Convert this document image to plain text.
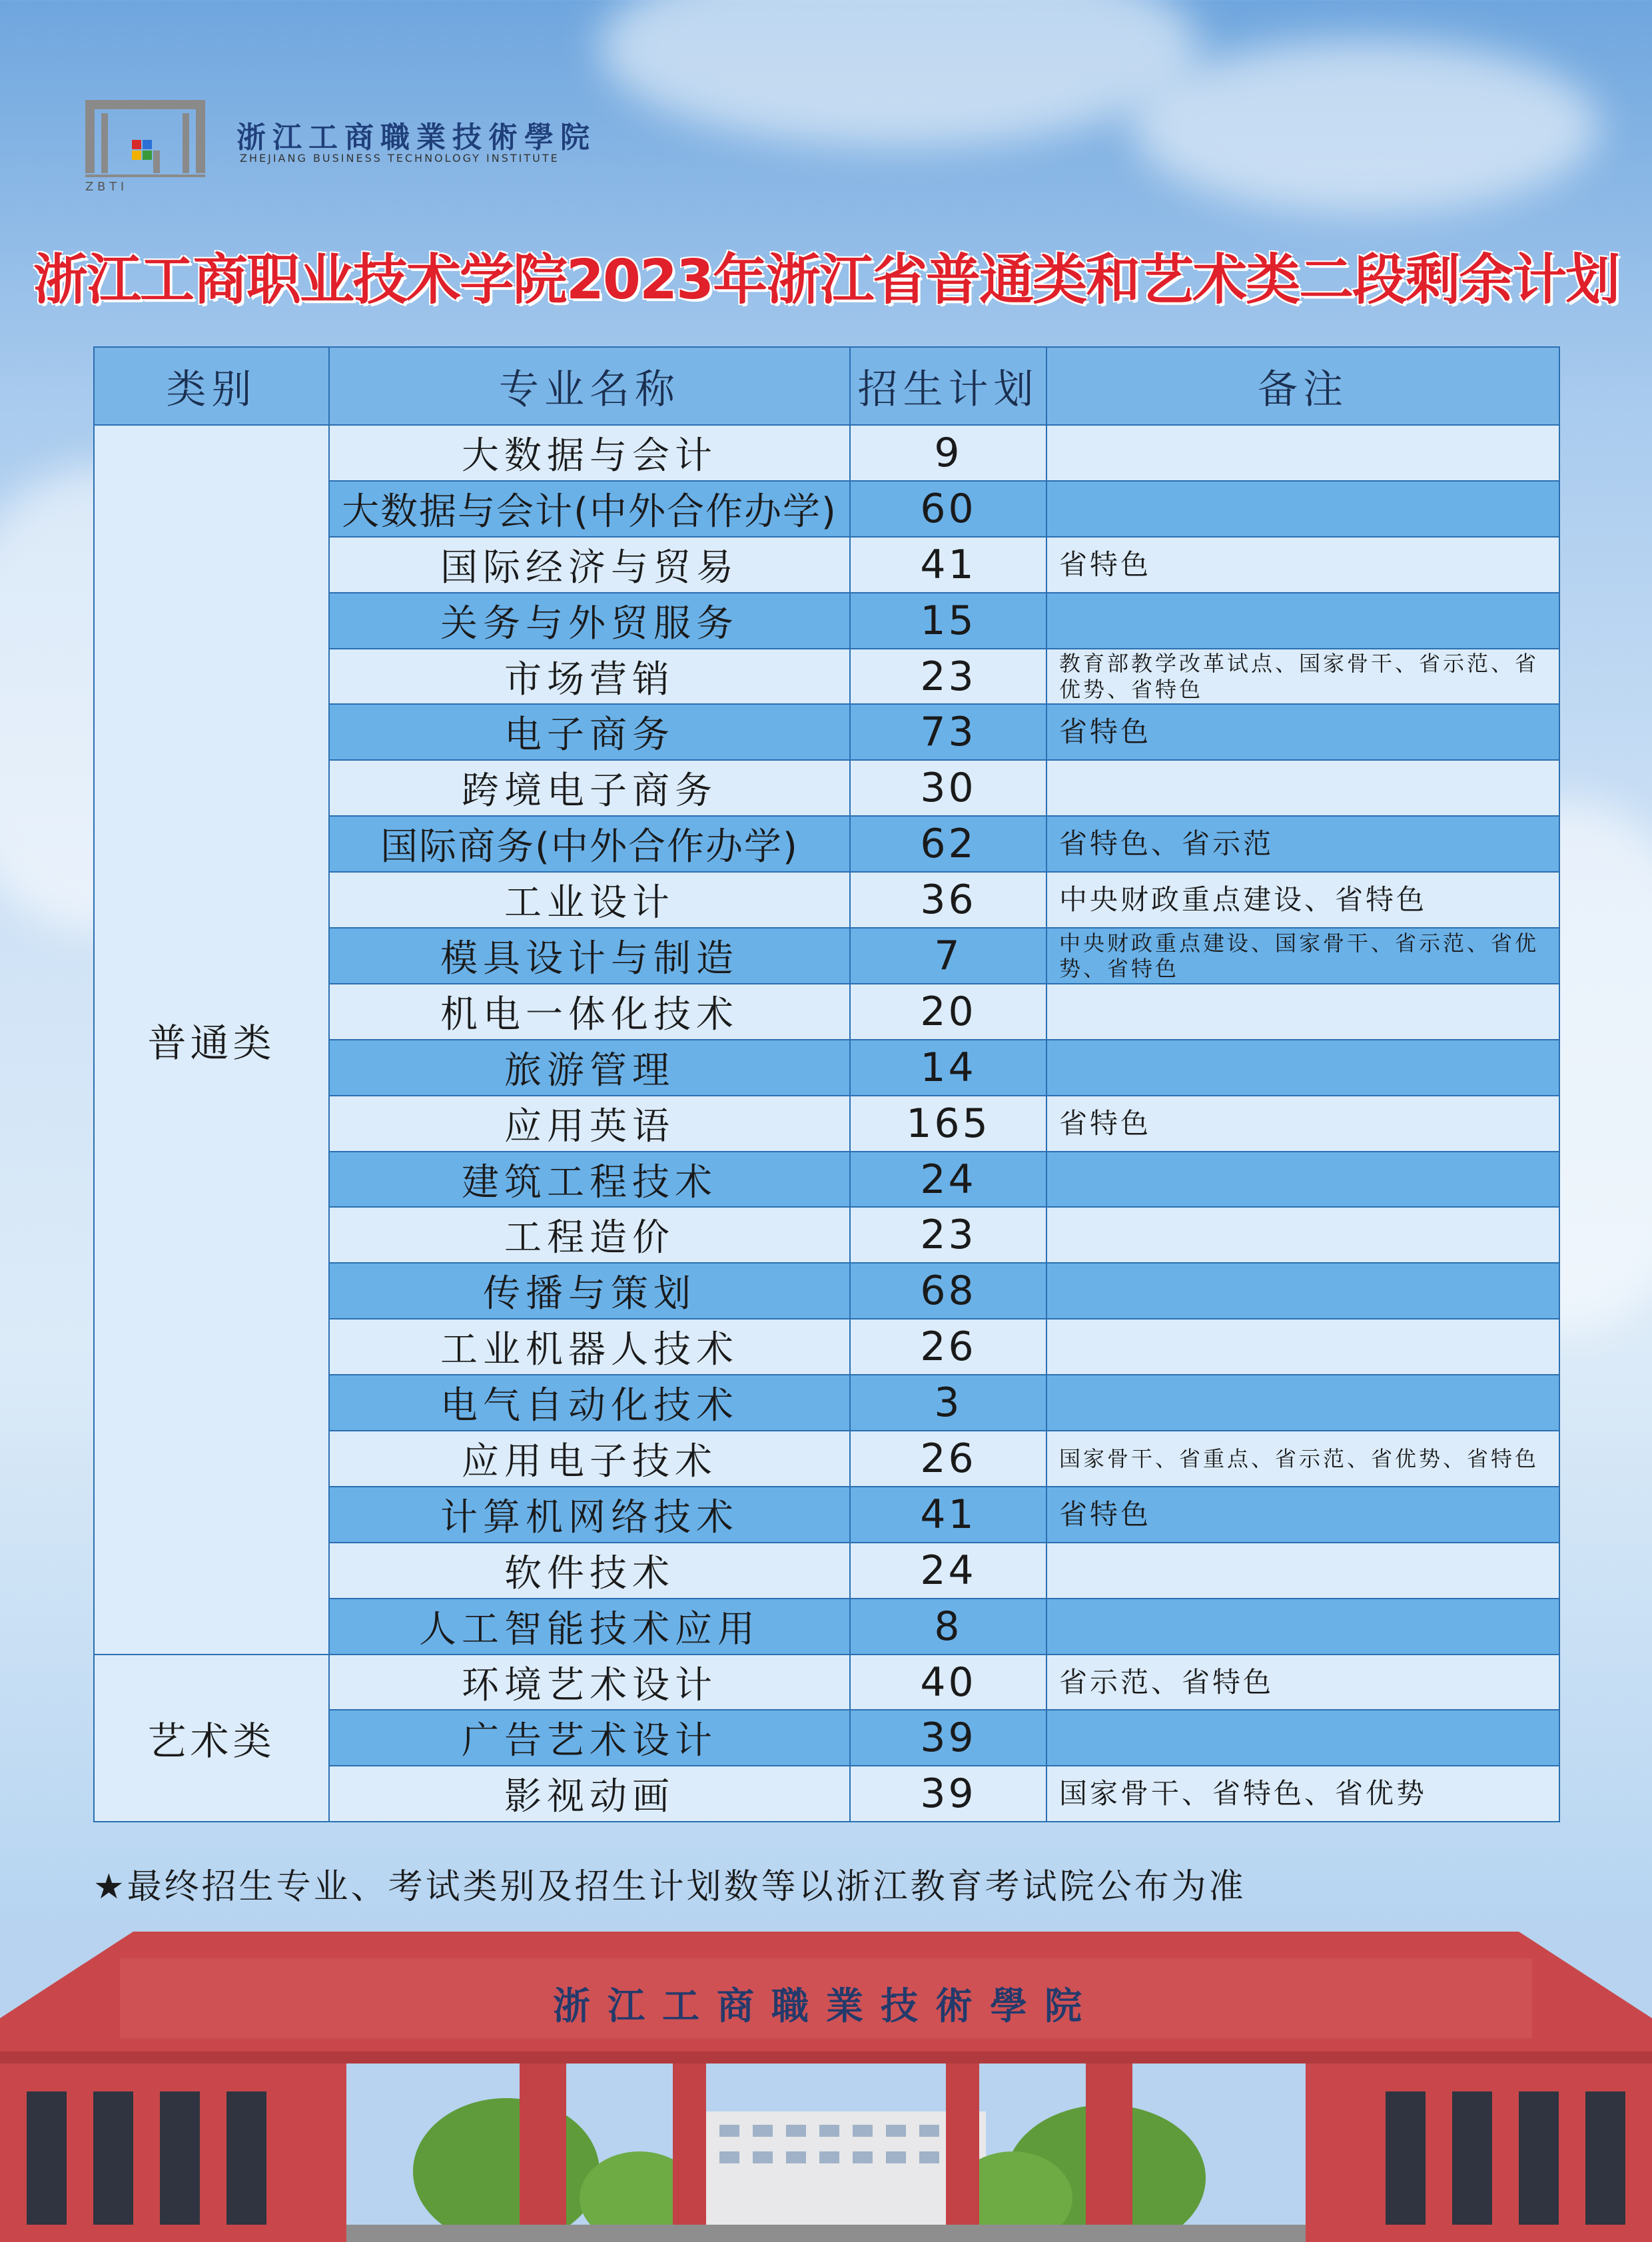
Z B T I
浙江工商職業技術學院
ZHEJIANG BUSINESS TECHNOLOGY INSTITUTE
浙江工商职业技术学院2023年浙江省普通类和艺术类二段剩余计划
类别	专业名称	招生计划	备注
普通类	大数据与会计	9	
	大数据与会计(中外合作办学)	60	
	国际经济与贸易	41	省特色
	关务与外贸服务	15	
	市场营销	23	教育部教学改革试点、国家骨干、省示范、省优势、省特色
	电子商务	73	省特色
	跨境电子商务	30	
	国际商务(中外合作办学)	62	省特色、省示范
	工业设计	36	中央财政重点建设、省特色
	模具设计与制造	7	中央财政重点建设、国家骨干、省示范、省优势、省特色
	机电一体化技术	20	
	旅游管理	14	
	应用英语	165	省特色
	建筑工程技术	24	
	工程造价	23	
	传播与策划	68	
	工业机器人技术	26	
	电气自动化技术	3	
	应用电子技术	26	国家骨干、省重点、省示范、省优势、省特色
	计算机网络技术	41	省特色
	软件技术	24	
	人工智能技术应用	8	
艺术类	环境艺术设计	40	省示范、省特色
	广告艺术设计	39	
	影视动画	39	国家骨干、省特色、省优势
★最终招生专业、考试类别及招生计划数等以浙江教育考试院公布为准
浙江工商職業技術學院
